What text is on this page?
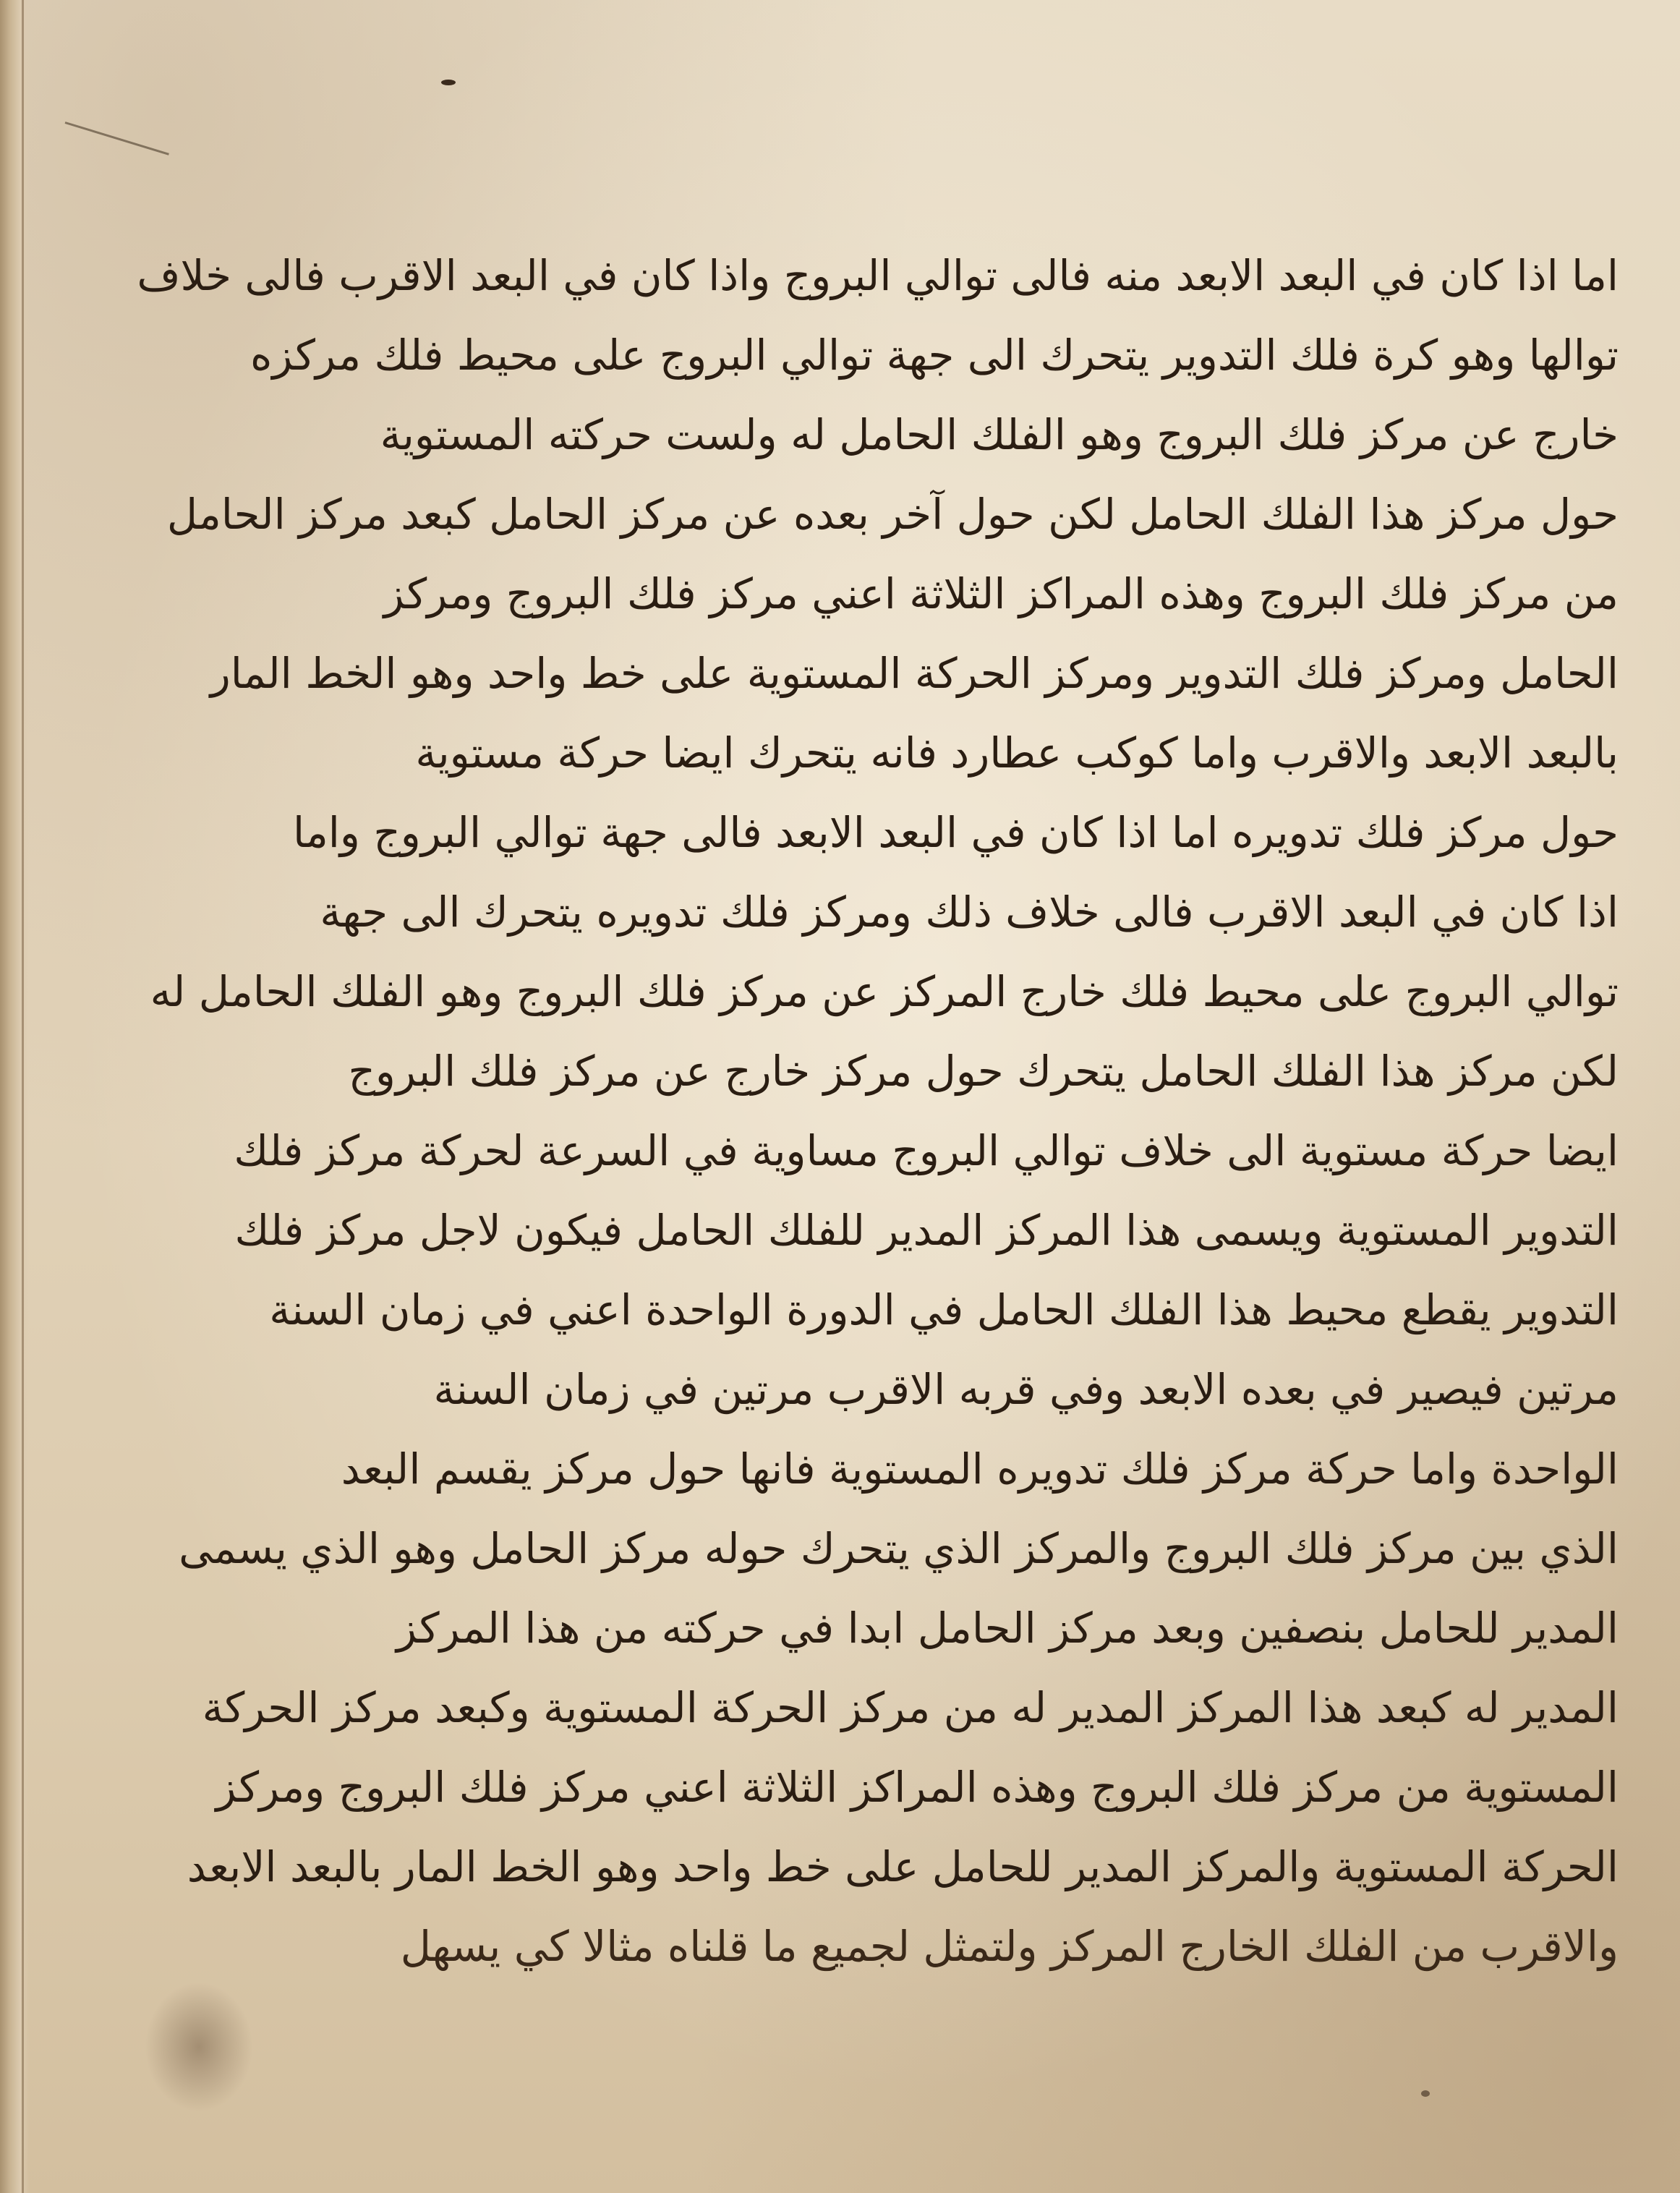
اما اذا كان في البعد الابعد منه فالى توالي البروج واذا كان في البعد الاقرب فالى خلاف
توالها وهو كرة فلك التدوير يتحرك الى جهة توالي البروج على محيط فلك مركزه
خارج عن مركز فلك البروج وهو الفلك الحامل له ولست حركته المستوية
حول مركز هذا الفلك الحامل لكن حول آخر بعده عن مركز الحامل كبعد مركز الحامل
من مركز فلك البروج وهذه المراكز الثلاثة اعني مركز فلك البروج ومركز
الحامل ومركز فلك التدوير ومركز الحركة المستوية على خط واحد وهو الخط المار
بالبعد الابعد والاقرب واما كوكب عطارد فانه يتحرك ايضا حركة مستوية
حول مركز فلك تدويره اما اذا كان في البعد الابعد فالى جهة توالي البروج واما
اذا كان في البعد الاقرب فالى خلاف ذلك ومركز فلك تدويره يتحرك الى جهة
توالي البروج على محيط فلك خارج المركز عن مركز فلك البروج وهو الفلك الحامل له
لكن مركز هذا الفلك الحامل يتحرك حول مركز خارج عن مركز فلك البروج
ايضا حركة مستوية الى خلاف توالي البروج مساوية في السرعة لحركة مركز فلك
التدوير المستوية ويسمى هذا المركز المدير للفلك الحامل فيكون لاجل مركز فلك
التدوير يقطع محيط هذا الفلك الحامل في الدورة الواحدة اعني في زمان السنة
مرتين فيصير في بعده الابعد وفي قربه الاقرب مرتين في زمان السنة
الواحدة واما حركة مركز فلك تدويره المستوية فانها حول مركز يقسم البعد
الذي بين مركز فلك البروج والمركز الذي يتحرك حوله مركز الحامل وهو الذي يسمى
المدير للحامل بنصفين وبعد مركز الحامل ابدا في حركته من هذا المركز
المدير له كبعد هذا المركز المدير له من مركز الحركة المستوية وكبعد مركز الحركة
المستوية من مركز فلك البروج وهذه المراكز الثلاثة اعني مركز فلك البروج ومركز
الحركة المستوية والمركز المدير للحامل على خط واحد وهو الخط المار بالبعد الابعد
والاقرب من الفلك الخارج المركز ولتمثل لجميع ما قلناه مثالا كي يسهل
